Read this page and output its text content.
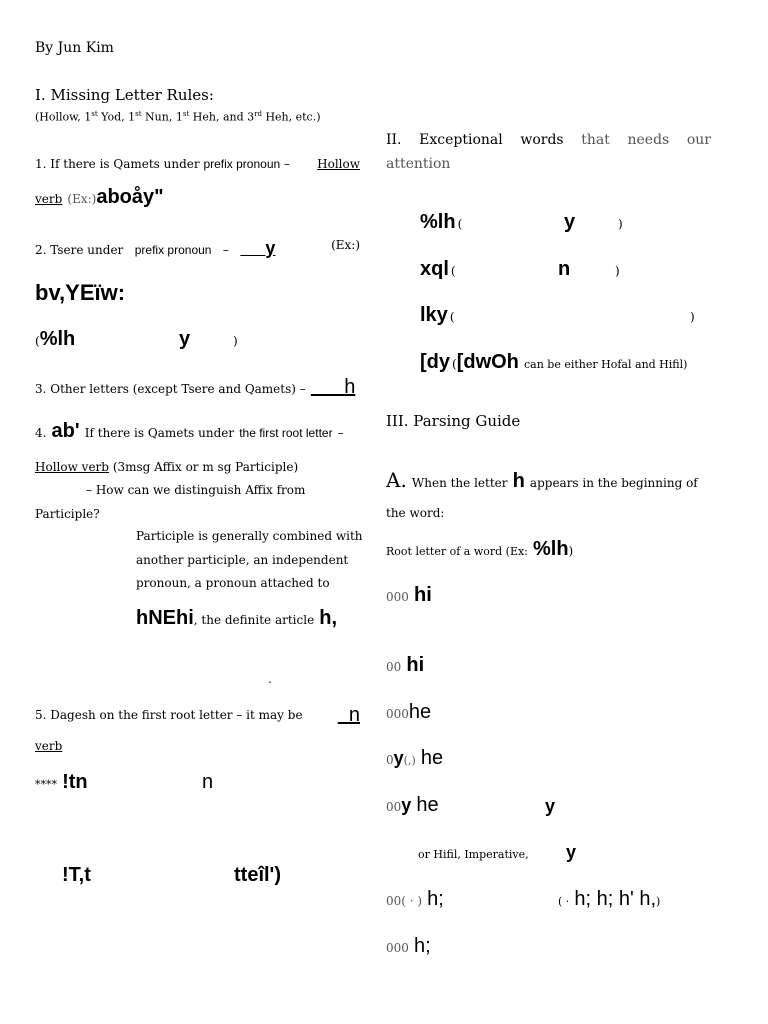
By Jun Kim
I. Missing Letter Rules:
(Hollow, 1st Yod, 1st Nun, 1st Heh, and 3rd Heh, etc.)
1. If there is Qamets under prefix pronoun – Hollow
verb (Ex:)aboåy"
2. Tsere under prefix pronoun – y	(Ex:)
bv,YEïw:
(%lh	y	)
3. Other letters (except Tsere and Qamets) – h
4. ab' If there is Qamets under the first root letter –
Hollow verb (3msg Affix or m sg Participle)
– How can we distinguish Affix from
Participle?
Participle is generally combined with
another participle, an independent
pronoun, a pronoun attached to
hNEhi, the definite article h,
.
5. Dagesh on the first root letter – it may be	n
verb
**** !tn	n
!T,t	tteîl')
II. Exceptional words that needs our
attention
%lh (	y	)
xql (	n	)
lky (	)
[dy ([dwOh can be either Hofal and Hifil)
III. Parsing Guide
A. When the letter h appears in the beginning of
the word:
Root letter of a word (Ex: %lh)
000 hi
00 hi
000he
0y(,) he
00y he	y
or Hifil, Imperative, y
00( · ) h;	( · h; h; h' h,)
000 h;
